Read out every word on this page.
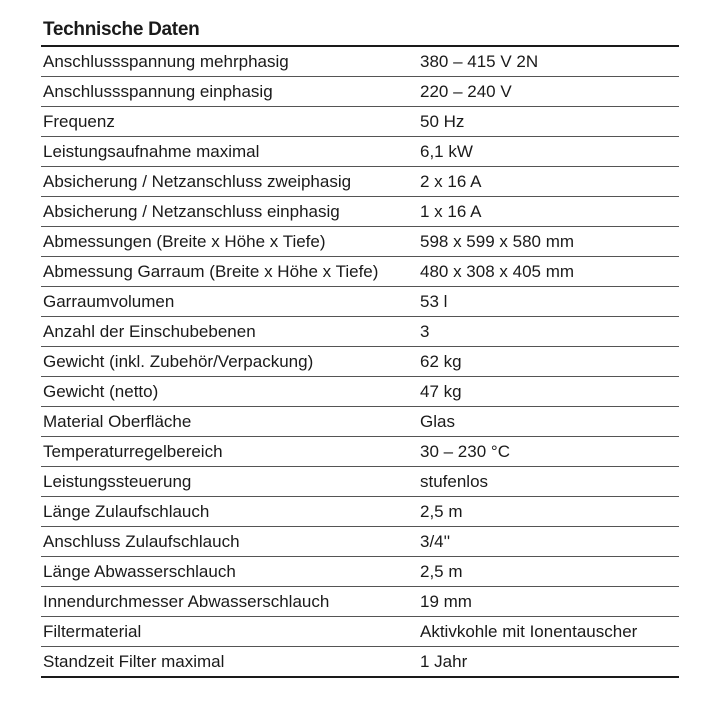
Technische Daten
Anschlussspannung mehrphasig	380 – 415 V 2N
Anschlussspannung einphasig	220 – 240 V
Frequenz	50 Hz
Leistungsaufnahme maximal	6,1 kW
Absicherung / Netzanschluss zweiphasig	2 x 16 A
Absicherung / Netzanschluss einphasig	1 x 16 A
Abmessungen (Breite x Höhe x Tiefe)	598 x 599 x 580 mm
Abmessung Garraum (Breite x Höhe x Tiefe)	480 x 308 x 405 mm
Garraumvolumen	53 l
Anzahl der Einschubebenen	3
Gewicht (inkl. Zubehör/Verpackung)	62 kg
Gewicht (netto)	47 kg
Material Oberfläche	Glas
Temperaturregelbereich	30 – 230 °C
Leistungssteuerung	stufenlos
Länge Zulaufschlauch	2,5 m
Anschluss Zulaufschlauch	3/4''
Länge Abwasserschlauch	2,5 m
Innendurchmesser Abwasserschlauch	19 mm
Filtermaterial	Aktivkohle mit Ionentauscher
Standzeit Filter maximal	1 Jahr
